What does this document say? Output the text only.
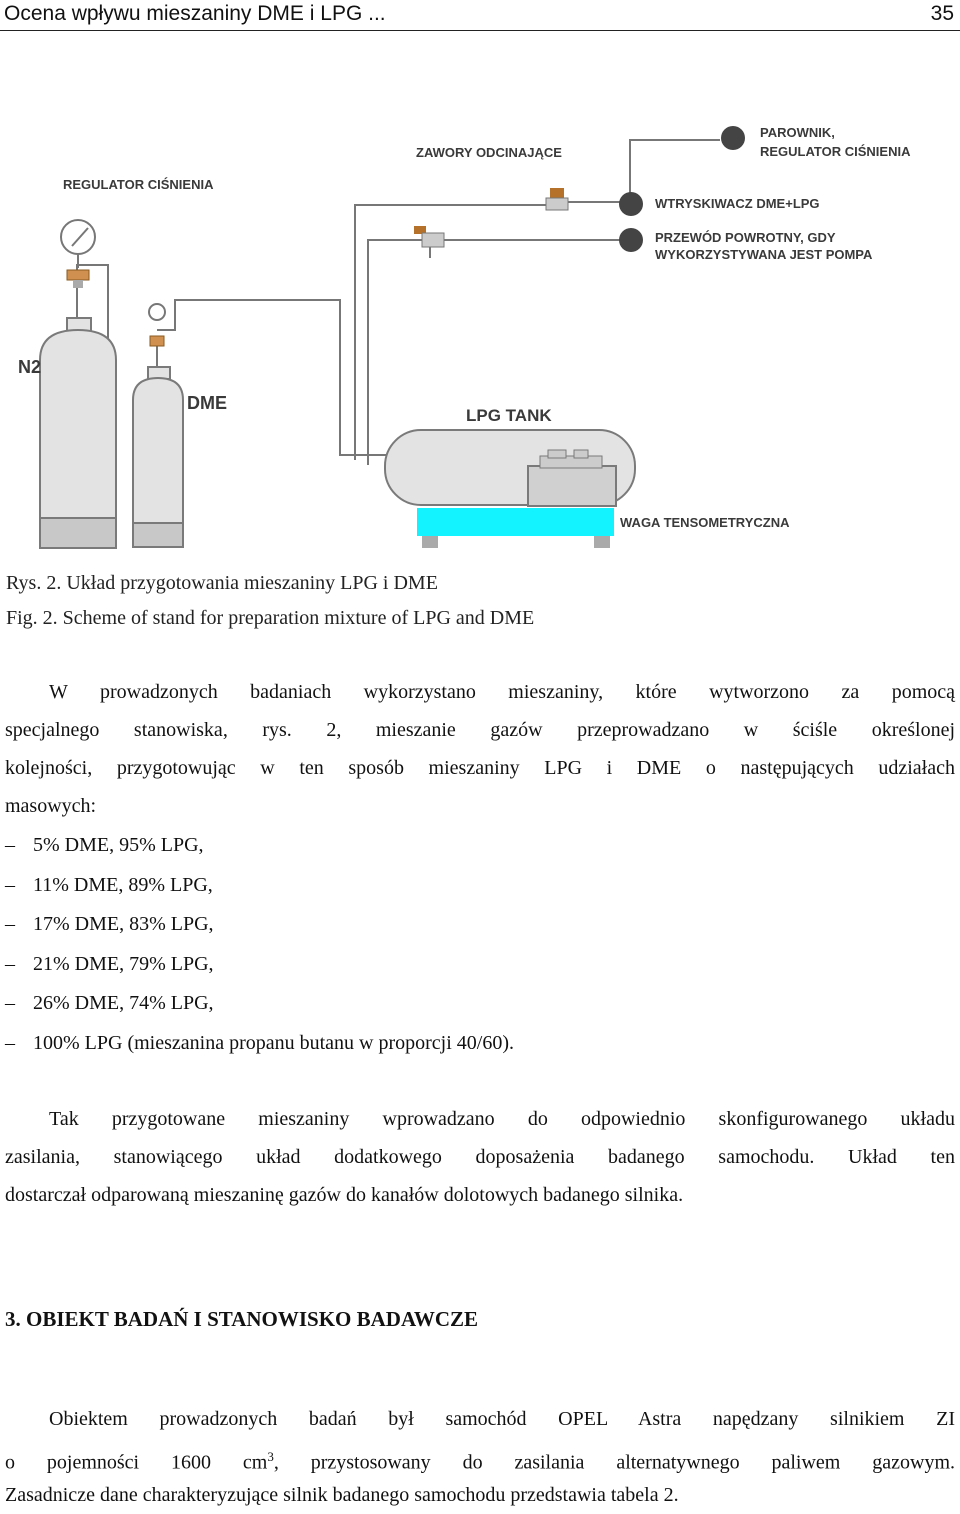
Ocena wpływu mieszaniny DME i LPG ...	35
REGULATOR CIŚNIENIA
ZAWORY ODCINAJĄCE
PAROWNIK,
REGULATOR CIŚNIENIA
WTRYSKIWACZ DME+LPG
PRZEWÓD POWROTNY, GDY
WYKORZYSTYWANA JEST POMPA
N2
DME
LPG TANK
WAGA TENSOMETRYCZNA
Rys. 2. Układ przygotowania mieszaniny LPG i DME
Fig. 2. Scheme of stand for preparation mixture of LPG and DME
W prowadzonych badaniach wykorzystano mieszaniny, które wytworzono za pomocą
specjalnego stanowiska, rys. 2, mieszanie gazów przeprowadzano w ściśle określonej
kolejności, przygotowując w ten sposób mieszaniny LPG i DME o następujących udziałach
masowych:
– 5% DME, 95% LPG,
– 11% DME, 89% LPG,
– 17% DME, 83% LPG,
– 21% DME, 79% LPG,
– 26% DME, 74% LPG,
– 100% LPG (mieszanina propanu butanu w proporcji 40/60).
Tak przygotowane mieszaniny wprowadzano do odpowiednio skonfigurowanego układu
zasilania, stanowiącego układ dodatkowego doposażenia badanego samochodu. Układ ten
dostarczał odparowaną mieszaninę gazów do kanałów dolotowych badanego silnika.
3. OBIEKT BADAŃ I STANOWISKO BADAWCZE
Obiektem prowadzonych badań był samochód OPEL Astra napędzany silnikiem ZI
o pojemności 1600 $cm^3$, przystosowany do zasilania alternatywnego paliwem gazowym.
Zasadnicze dane charakteryzujące silnik badanego samochodu przedstawia tabela 2.
